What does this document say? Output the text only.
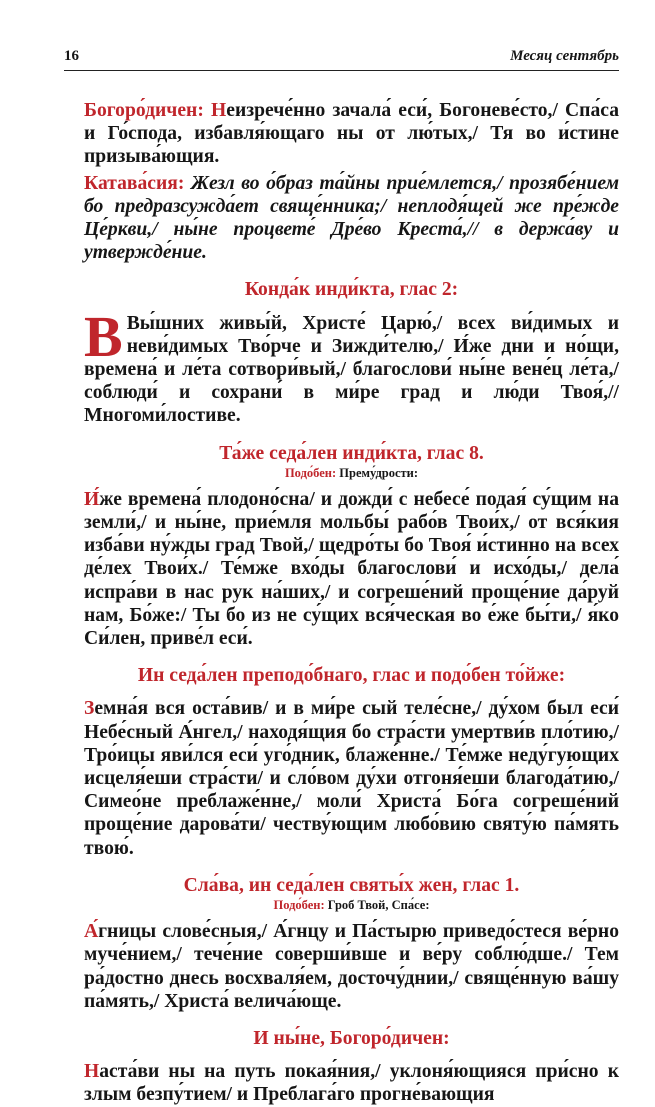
16	Месяц сентябрь

Богоро́дичен: Неизрече́нно зачала́ еси́, Богоневе́сто,/ Спа́са и Го́спода, избавля́ющаго ны от лю́тых,/ Тя во и́стине призыва́ющия.

Катава́сия: Жезл во о́браз та́йны прие́млется,/ прозябе́нием бо предразсужда́ет свяще́нника;/ неплодя́щей же пре́жде Це́ркви,/ ны́не процвете́ Дре́во Креста́,// в держа́ву и утвержде́ние.

Конда́к инди́кта, глас 2:

В Вы́шних живы́й, Христе́ Царю́,/ всех ви́димых и неви́димых Тво́рче и Зижди́телю,/ И́же дни и но́щи, времена́ и ле́та сотвори́вый,/ благослови́ ны́не вене́ц ле́та,/ соблюди́ и сохрани́ в ми́ре град и лю́ди Твоя́,// Многоми́лостиве.

Та́же седа́лен инди́кта, глас 8.
Подо́бен: Прему́дрости:

И́же времена́ плодоно́сна/ и дожди́ с небесе́ подая́ су́щим на земли́,/ и ны́не, прие́мля мольбы́ рабо́в Твои́х,/ от вся́кия изба́ви ну́жды град Твой,/ щедро́ты бо Твоя́ и́стинно на всех де́лех Твои́х./ Те́мже вхо́ды благослови́ и исхо́ды,/ дела́ испра́ви в нас рук на́ших,/ и согреше́ний проще́ние да́руй нам, Бо́же:/ Ты бо из не су́щих вся́ческая во е́же бы́ти,/ я́ко Си́лен, приве́л еси́.

Ин седа́лен преподо́бнаго, глас и подо́бен то́йже:

Земна́я вся оста́вив/ и в ми́ре сый теле́сне,/ ду́хом был еси́ Небе́сный А́нгел,/ находя́щия бо стра́сти умертви́в пло́тию,/ Тро́ицы яви́лся еси́ уго́дник, блаже́нне./ Те́мже неду́гующих исцеля́еши стра́сти/ и сло́вом ду́хи отгоня́еши благода́тию,/ Симео́не преблаже́нне,/ моли́ Христа́ Бо́га согреше́ний проще́ние дарова́ти/ честву́ющим любо́вию святу́ю па́мять твою́.

Сла́ва, ин седа́лен святы́х жен, глас 1.
Подо́бен: Гроб Твой, Спа́се:

А́гницы слове́сныя,/ А́гнцу и Па́стырю приведо́стеся ве́рно муче́нием,/ тече́ние соверши́вше и ве́ру соблю́дше./ Тем ра́достно днесь восхваля́ем, досточу́днии,/ свяще́нную ва́шу па́мять,/ Христа́ велича́юще.

И ны́не, Богоро́дичен:

Наста́ви ны на путь покая́ния,/ уклоня́ющияся при́сно к злым безпу́тием/ и Преблага́го прогне́вающия
